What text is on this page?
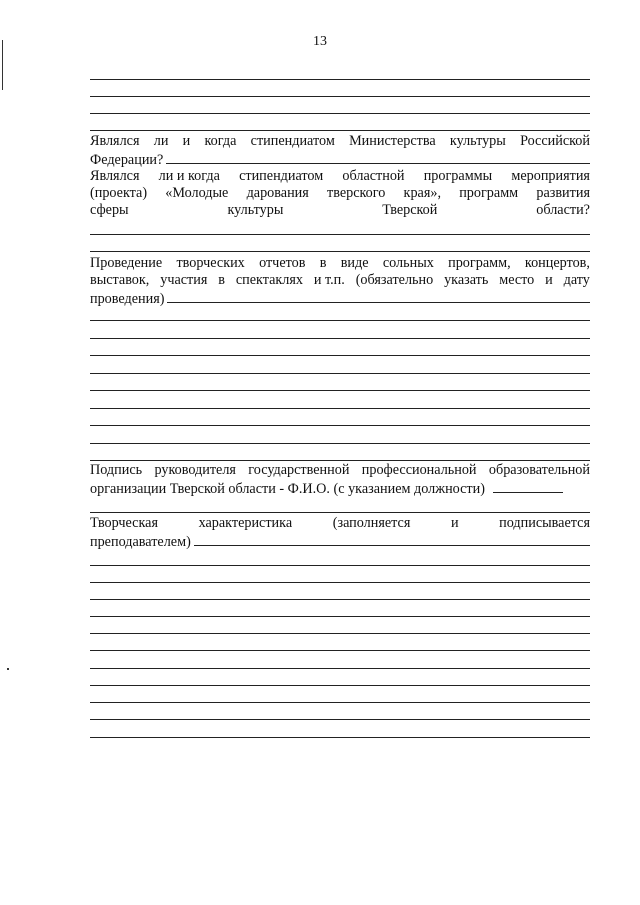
13
Являлся ли и когда стипендиатом Министерства культуры Российской
Федерации?
Являлся ли и когда стипендиатом областной программы мероприятия
(проекта) «Молодые дарования тверского края», программ развития
сферы	культуры	Тверской	области?
Проведение творческих отчетов в виде сольных программ, концертов,
выставок, участия в спектаклях и т.п. (обязательно указать место и дату
проведения)
Подпись руководителя государственной профессиональной образовательной
организации Тверской области - Ф.И.О. (с указанием должности)
Творческая	характеристика	(заполняется	и	подписывается
преподавателем)
